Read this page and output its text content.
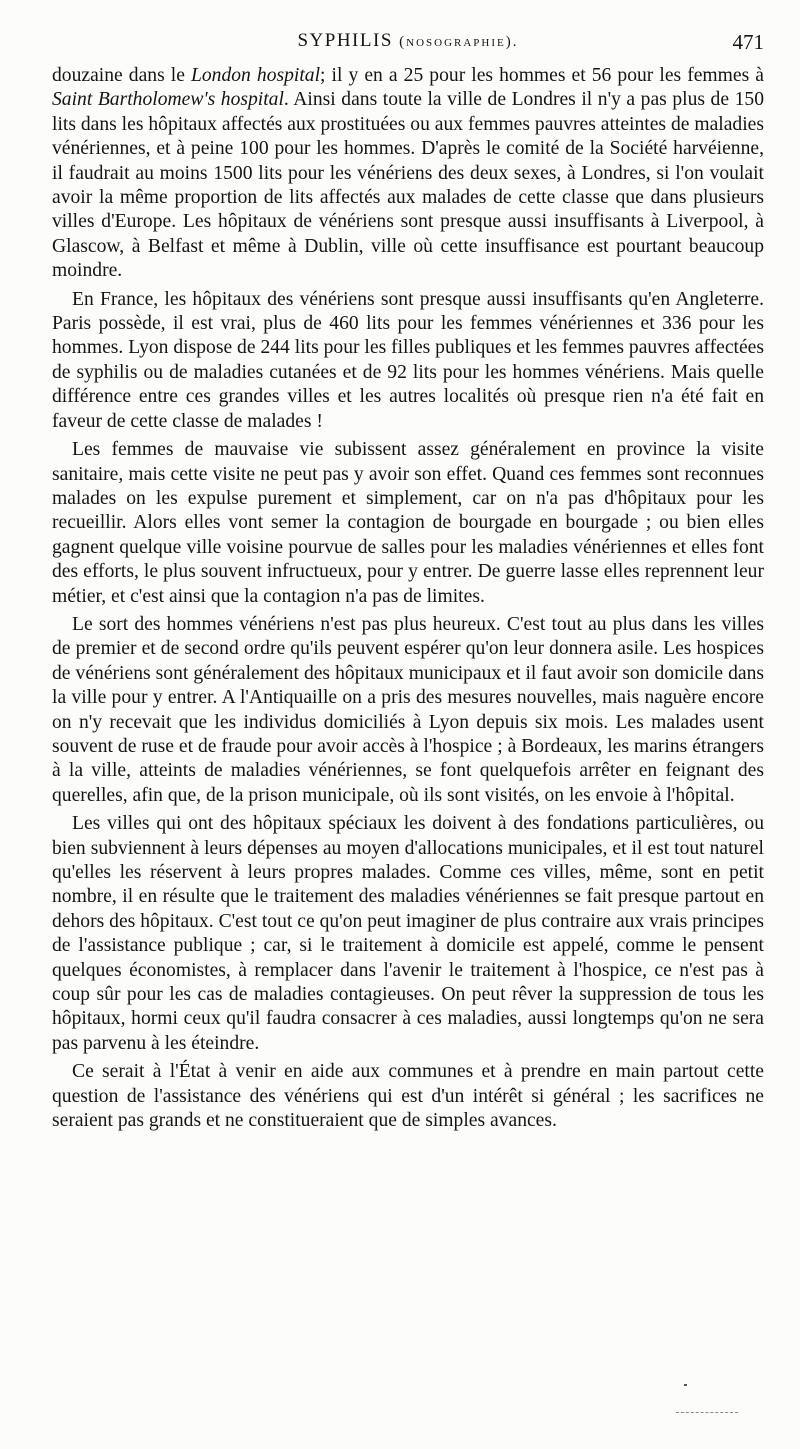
SYPHILIS (nosographie).	471

douzaine dans le London hospital; il y en a 25 pour les hommes et 56 pour les femmes à Saint Bartholomew's hospital. Ainsi dans toute la ville de Londres il n'y a pas plus de 150 lits dans les hôpitaux affectés aux prostituées ou aux femmes pauvres atteintes de maladies vénériennes, et à peine 100 pour les hommes. D'après le comité de la Société harvéienne, il faudrait au moins 1500 lits pour les vénériens des deux sexes, à Londres, si l'on voulait avoir la même proportion de lits affectés aux malades de cette classe que dans plusieurs villes d'Europe. Les hôpitaux de vénériens sont presque aussi insuffisants à Liverpool, à Glascow, à Belfast et même à Dublin, ville où cette insuffisance est pourtant beaucoup moindre.

En France, les hôpitaux des vénériens sont presque aussi insuffisants qu'en Angleterre. Paris possède, il est vrai, plus de 460 lits pour les femmes vénériennes et 336 pour les hommes. Lyon dispose de 244 lits pour les filles publiques et les femmes pauvres affectées de syphilis ou de maladies cutanées et de 92 lits pour les hommes vénériens. Mais quelle différence entre ces grandes villes et les autres localités où presque rien n'a été fait en faveur de cette classe de malades !

Les femmes de mauvaise vie subissent assez généralement en province la visite sanitaire, mais cette visite ne peut pas y avoir son effet. Quand ces femmes sont reconnues malades on les expulse purement et simplement, car on n'a pas d'hôpitaux pour les recueillir. Alors elles vont semer la contagion de bourgade en bourgade ; ou bien elles gagnent quelque ville voisine pourvue de salles pour les maladies vénériennes et elles font des efforts, le plus souvent infructueux, pour y entrer. De guerre lasse elles reprennent leur métier, et c'est ainsi que la contagion n'a pas de limites.

Le sort des hommes vénériens n'est pas plus heureux. C'est tout au plus dans les villes de premier et de second ordre qu'ils peuvent espérer qu'on leur donnera asile. Les hospices de vénériens sont généralement des hôpitaux municipaux et il faut avoir son domicile dans la ville pour y entrer. A l'Antiquaille on a pris des mesures nouvelles, mais naguère encore on n'y recevait que les individus domiciliés à Lyon depuis six mois. Les malades usent souvent de ruse et de fraude pour avoir accès à l'hospice ; à Bordeaux, les marins étrangers à la ville, atteints de maladies vénériennes, se font quelquefois arrêter en feignant des querelles, afin que, de la prison municipale, où ils sont visités, on les envoie à l'hôpital.

Les villes qui ont des hôpitaux spéciaux les doivent à des fondations particulières, ou bien subviennent à leurs dépenses au moyen d'allocations municipales, et il est tout naturel qu'elles les réservent à leurs propres malades. Comme ces villes, même, sont en petit nombre, il en résulte que le traitement des maladies vénériennes se fait presque partout en dehors des hôpitaux. C'est tout ce qu'on peut imaginer de plus contraire aux vrais principes de l'assistance publique ; car, si le traitement à domicile est appelé, comme le pensent quelques économistes, à remplacer dans l'avenir le traitement à l'hospice, ce n'est pas à coup sûr pour les cas de maladies contagieuses. On peut rêver la suppression de tous les hôpitaux, hormi ceux qu'il faudra consacrer à ces maladies, aussi longtemps qu'on ne sera pas parvenu à les éteindre.

Ce serait à l'État à venir en aide aux communes et à prendre en main partout cette question de l'assistance des vénériens qui est d'un intérêt si général ; les sacrifices ne seraient pas grands et ne constitueraient que de simples avances.
